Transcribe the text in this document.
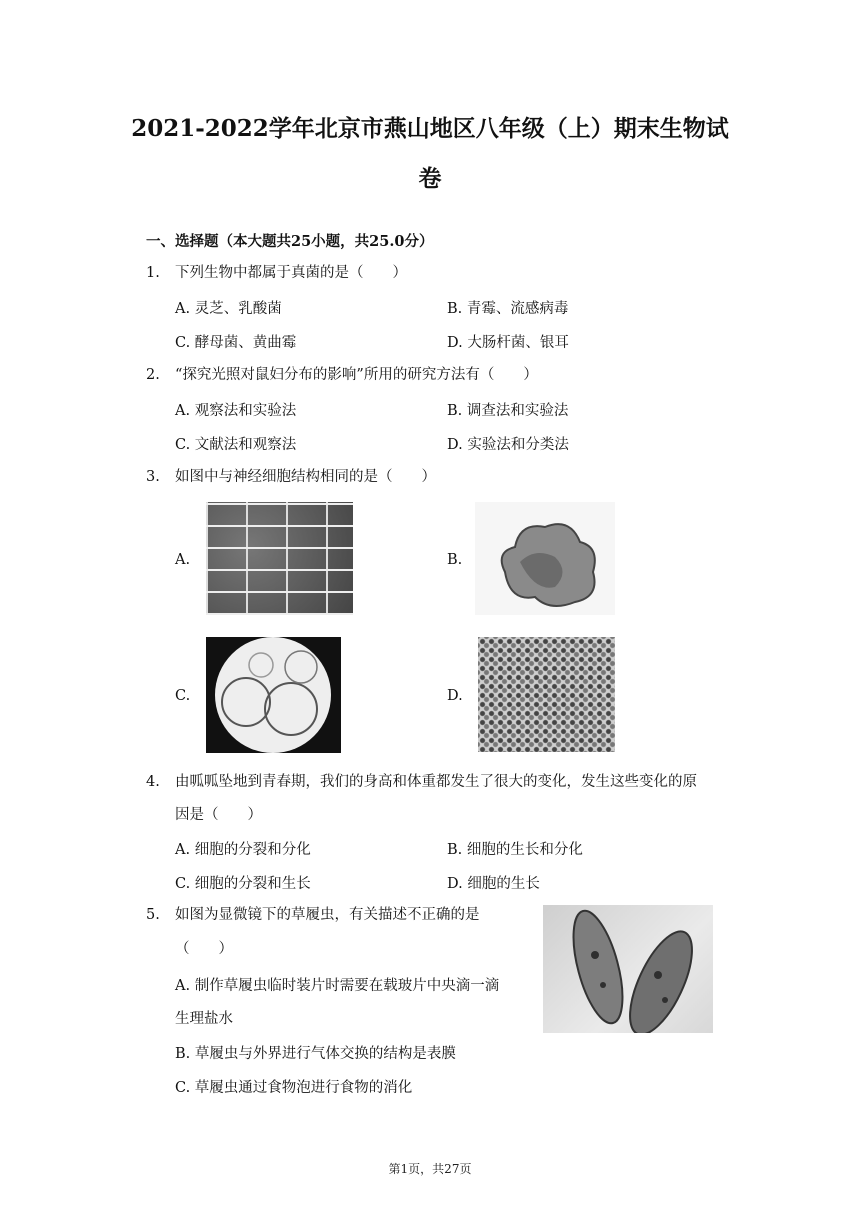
2021-2022学年北京市燕山地区八年级（上）期末生物试
卷
一、选择题（本大题共25小题，共25.0分）
1. 下列生物中都属于真菌的是（　　）
A. 灵芝、乳酸菌	B. 青霉、流感病毒
C. 酵母菌、黄曲霉	D. 大肠杆菌、银耳
2. “探究光照对鼠妇分布的影响”所用的研究方法有（　　）
A. 观察法和实验法	B. 调查法和实验法
C. 文献法和观察法	D. 实验法和分类法
3. 如图中与神经细胞结构相同的是（　　）
A.	B.
C.	D.
4. 由呱呱坠地到青春期，我们的身高和体重都发生了很大的变化，发生这些变化的原
因是（　　）
A. 细胞的分裂和分化	B. 细胞的生长和分化
C. 细胞的分裂和生长	D. 细胞的生长
5. 如图为显微镜下的草履虫，有关描述不正确的是
（　　）
A. 制作草履虫临时装片时需要在载玻片中央滴一滴
生理盐水
B. 草履虫与外界进行气体交换的结构是表膜
C. 草履虫通过食物泡进行食物的消化
第1页，共27页
